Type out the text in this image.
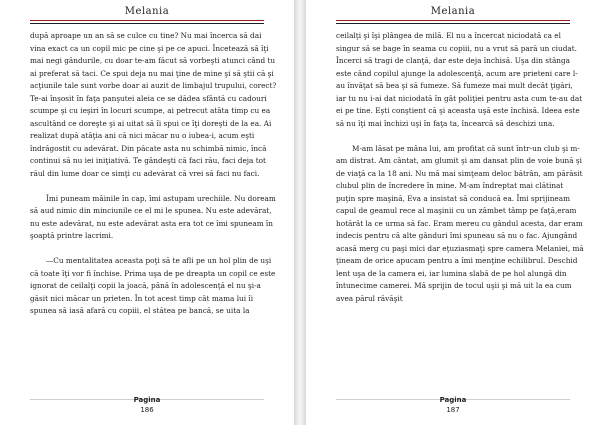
Melania

după aproape un an să se culce cu tine? Nu mai încerca să dai vina exact ca un copil mic pe cine şi pe ce apuci. Încetează să îţi mai negi gândurile, cu doar te-am făcut să vorbeşti atunci când tu ai preferat să taci. Ce spui deja nu mai ţine de mine şi să ştii că şi acţiunile tale sunt vorbe doar ai auzit de limbajul trupului, corect? Te-ai înşosit în faţa panşutei aleia ce se dădea sfântă cu cadouri scumpe şi cu ieşiri în locuri scumpe, ai petrecut atâta timp cu ea ascultând ce doreşte şi ai uitat să îi spui ce îţi doreşti de la ea. Ai realizat după atâţia ani că nici măcar nu o iubea-i, acum eşti îndrăgostit cu adevărat. Din păcate asta nu schimbă nimic, încă continui să nu iei iniţiativă. Te gândeşti că faci rău, faci deja tot răul din lume doar ce simţi cu adevărat că vrei să faci nu faci.

Îmi puneam mâinile în cap, îmi astupam urechiile. Nu doream să aud nimic din minciunile ce el mi le spunea. Nu este adevărat, nu este adevărat, nu este adevărat asta era tot ce îmi spuneam în şoaptă printre lacrimi.

—Cu mentalitatea aceasta poţi să te afli pe un hol plin de uşi că toate îţi vor fi închise. Prima uşa de pe dreapta un copil ce este ignorat de ceilalţi copii la joacă, până în adolescenţă el nu şi-a găsit nici măcar un prieten. În tot acest timp cât mama lui îi spunea să iasă afară cu copiii, el stătea pe bancă, se uita la

Pagina
186
Melania

ceilalţi şi îşi plângea de milă. El nu a încercat niciodată ca el singur să se bage în seama cu copiii, nu a vrut să pară un ciudat. Încerci să tragi de clanţă, dar este deja închisă. Uşa din stânga este când copilul ajunge la adolescenţă, acum are prieteni care l-au învăţat să bea şi să fumeze. Să fumeze mai mult decât ţigări, iar tu nu i-ai dat niciodată în gât poliţiei pentru asta cum te-au dat ei pe tine. Eşti conştient că şi aceasta uşă este închisă. Ideea este să nu îţi mai închizi uşi în faţa ta, încearcă să deschizi una.

M-am lăsat pe mâna lui, am profitat că sunt într-un club şi m-am distrat. Am cântat, am glumit şi am dansat plin de voie bună şi de viaţă ca la 18 ani. Nu mă mai simţeam deloc bătrân, am părăsit clubul plin de încredere în mine. M-am îndreptat mai clătinat puţin spre maşină, Eva a insistat să conducă ea. Îmi sprijineam capul de geamul rece al maşinii cu un zâmbet tâmp pe faţă,eram hotărât la ce urma să fac. Eram mereu cu gândul acesta, dar eram indecis pentru că alte gânduri îmi spuneau să nu o fac. Ajungând acasă merg cu paşi mici dar eţuziasmaţi spre camera Melaniei, mă ţineam de orice apucam pentru a îmi menţine echilibrul. Deschid lent uşa de la camera ei, iar lumina slabă de pe hol alungă din întunecime camerei. Mă sprijin de tocul uşii şi mă uit la ea cum avea părul răvăşit

Pagina
187
